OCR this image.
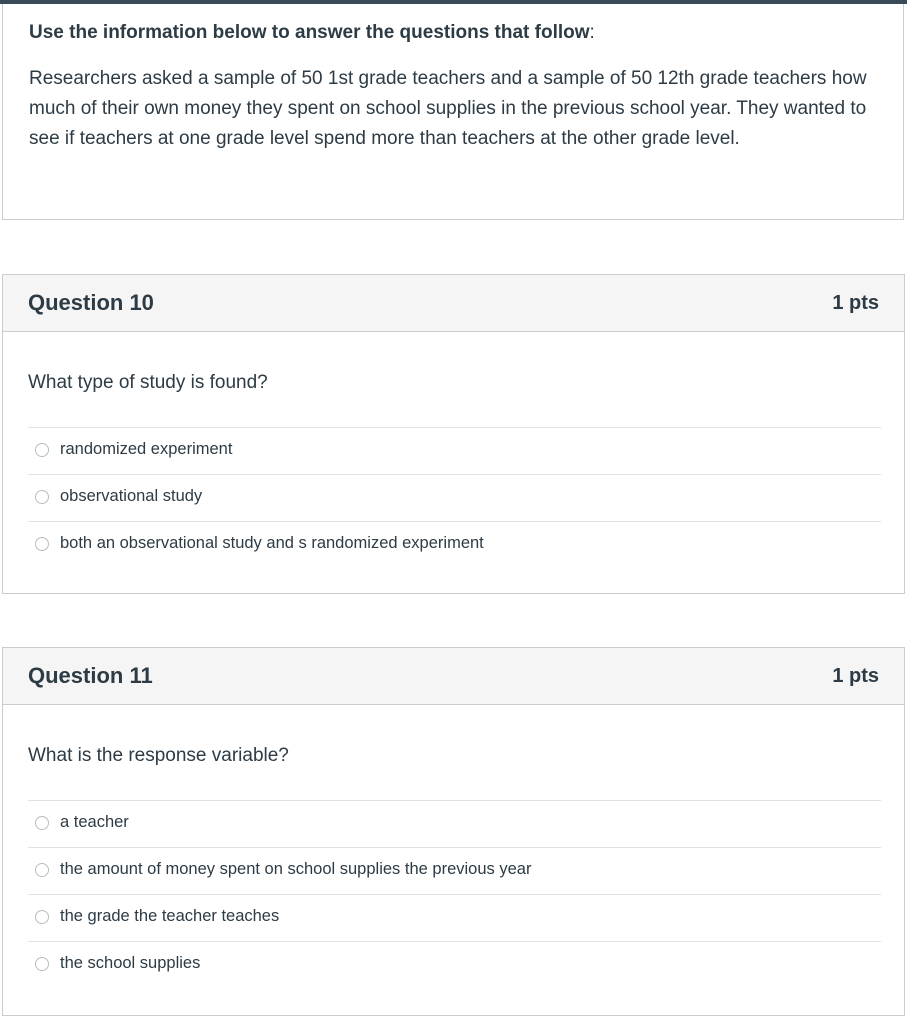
Use the information below to answer the questions that follow:
Researchers asked a sample of 50 1st grade teachers and a sample of 50 12th grade teachers how much of their own money they spent on school supplies in the previous school year. They wanted to see if teachers at one grade level spend more than teachers at the other grade level.
Question 10	1 pts
What type of study is found?
randomized experiment
observational study
both an observational study and s randomized experiment
Question 11	1 pts
What is the response variable?
a teacher
the amount of money spent on school supplies the previous year
the grade the teacher teaches
the school supplies
